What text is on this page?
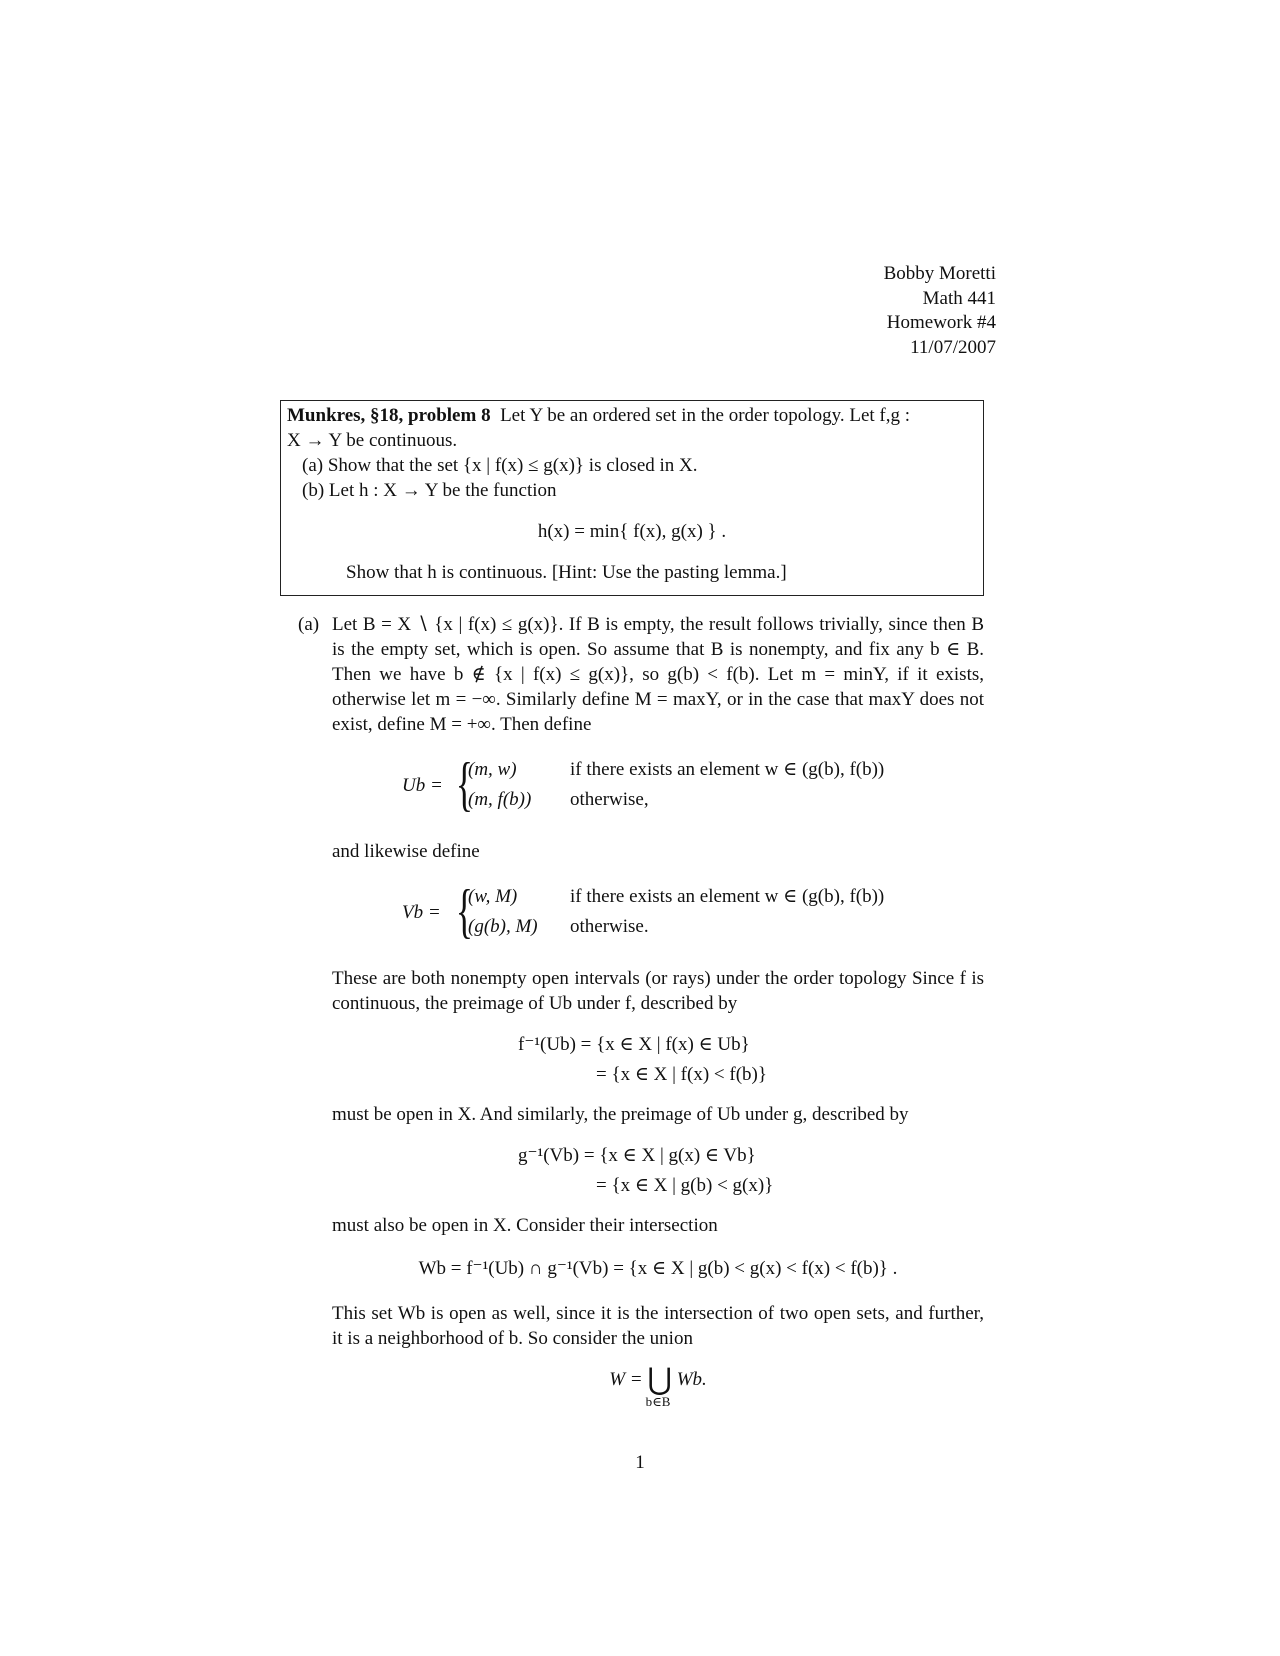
Bobby Moretti
Math 441
Homework #4
11/07/2007
Munkres, §18, problem 8 Let Y be an ordered set in the order topology. Let f,g :
X → Y be continuous.
(a) Show that the set {x | f(x) ≤ g(x)} is closed in X.
(b) Let h : X → Y be the function
h(x) = min{ f(x), g(x) } .
Show that h is continuous. [Hint: Use the pasting lemma.]
(a) Let B = X ∖ {x | f(x) ≤ g(x)}. If B is empty, the result follows trivially, since then B is the empty set, which is open. So assume that B is nonempty, and fix any b ∈ B. Then we have b ∉ {x | f(x) ≤ g(x)}, so g(b) < f(b). Let m = minY, if it exists, otherwise let m = −∞. Similarly define M = maxY, or in the case that maxY does not exist, define M = +∞. Then define
Ub = {
(m, w)
(m, f(b))
if there exists an element w ∈ (g(b), f(b))
otherwise,
and likewise define
Vb = {
(w, M)
(g(b), M)
if there exists an element w ∈ (g(b), f(b))
otherwise.
These are both nonempty open intervals (or rays) under the order topology Since f is continuous, the preimage of Ub under f, described by
f⁻¹(Ub) = {x ∈ X | f(x) ∈ Ub}
= {x ∈ X | f(x) < f(b)}
must be open in X. And similarly, the preimage of Ub under g, described by
g⁻¹(Vb) = {x ∈ X | g(x) ∈ Vb}
= {x ∈ X | g(b) < g(x)}
must also be open in X. Consider their intersection
Wb = f⁻¹(Ub) ∩ g⁻¹(Vb) = {x ∈ X | g(b) < g(x) < f(x) < f(b)} .
This set Wb is open as well, since it is the intersection of two open sets, and further, it is a neighborhood of b. So consider the union
W = ⋃ Wb.
b∈B
1
